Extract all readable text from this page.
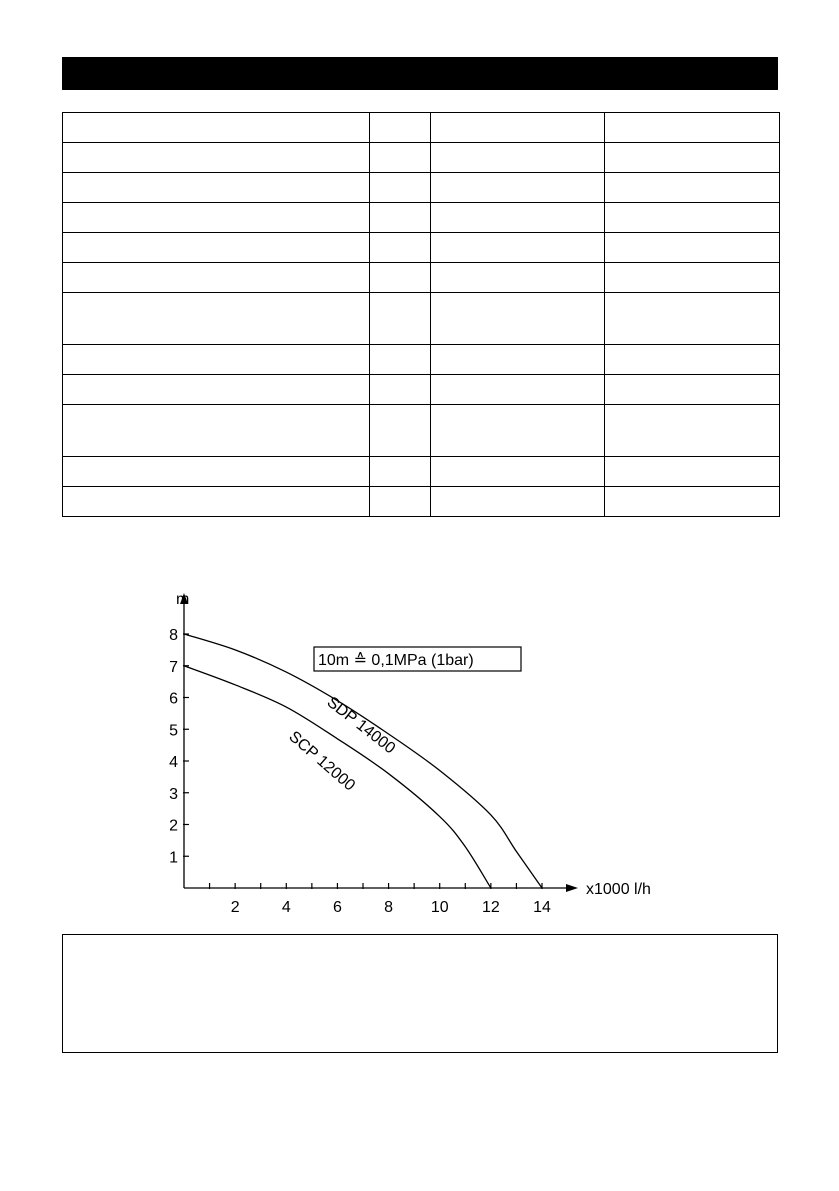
1
2
3
4
5
6
7
8
2	4	6	8 10 12 14
m
x1000 l/h
10m ≙ 0,1MPa (1bar)
SDP 14000
SCP 12000
